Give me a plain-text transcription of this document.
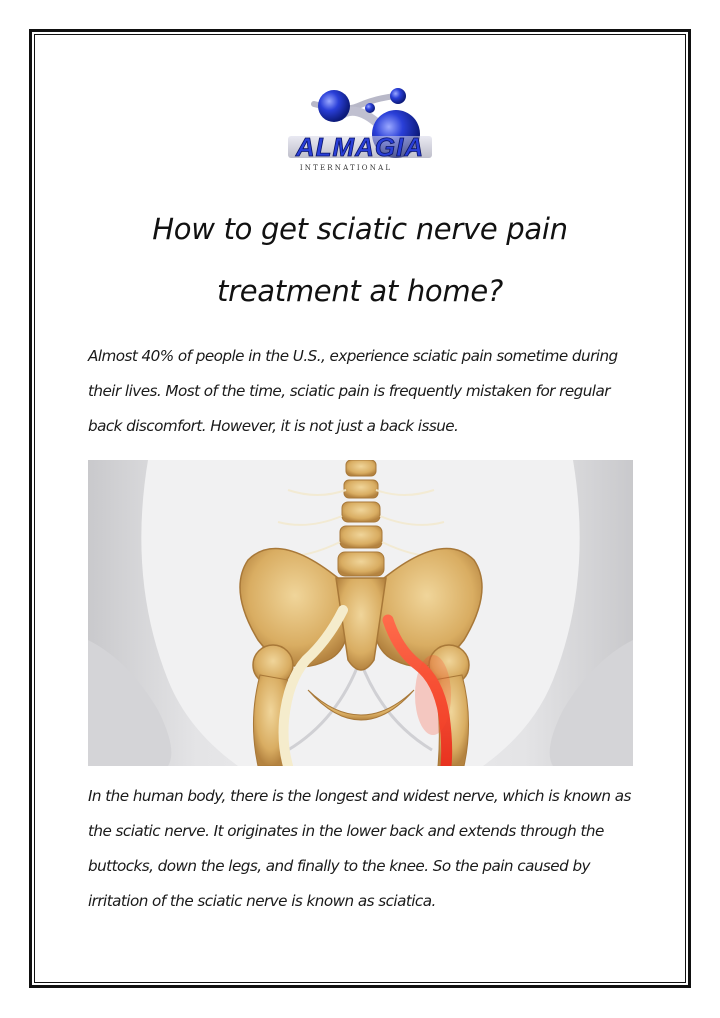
ALMAGIA
INTERNATIONAL
How to get sciatic nerve pain
treatment at home?

Almost 40% of people in the U.S., experience sciatic pain sometime during their lives. Most of the time, sciatic pain is frequently mistaken for regular back discomfort. However, it is not just a back issue.

In the human body, there is the longest and widest nerve, which is known as the sciatic nerve. It originates in the lower back and extends through the buttocks, down the legs, and finally to the knee. So the pain caused by irritation of the sciatic nerve is known as sciatica.
